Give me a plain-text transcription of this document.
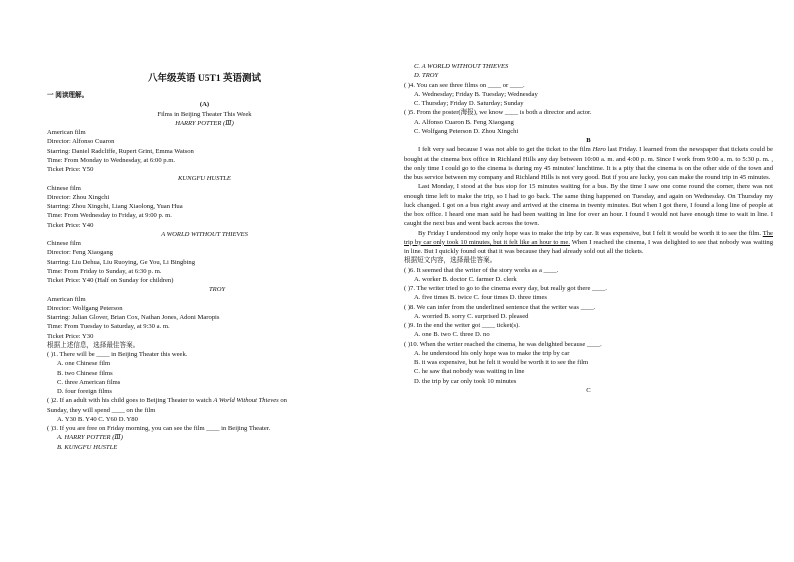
八年级英语 U5T1 英语测试
一 阅读理解。
(A)
Films in Beijing Theater This Week
HARRY POTTER (Ⅲ)
American film
Director: Alfonso Cuaron
Starring: Daniel Radcliffe, Rupert Grint, Emma Watson
Time: From Monday to Wednesday, at 6:00 p.m.
Ticket Price: Y50
KUNGFU HUSTLE
Chinese film
Director: Zhou Xingchi
Starring: Zhou Xingchi, Liang Xiaolong, Yuan Hua
Time: From Wednesday to Friday, at 9:00 p. m.
Ticket Price: Y40
A WORLD WITHOUT THIEVES
Chinese film
Director: Feng Xiaogang
Starring: Liu Dehua, Liu Ruoying, Ge You, Li Bingbing
Time: From Friday to Sunday, at 6:30 p. m.
Ticket Price: Y40 (Half on Sunday for children)
TROY
American film
Director: Wolfgang Peterson
Starring: Julian Glover, Brian Cox, Nathan Jones, Adoni Maropis
Time: From Tuesday to Saturday, at 9:30 a. m.
Ticket Price: Y30
根据上述信息，选择最佳答案。
( )1. There will be ____ in Beijing Theater this week.
A. one Chinese film
B. two Chinese films
C. three American films
D. four foreign films
( )2. If an adult with his child goes to Beijing Theater to watch A World Without Thieves on
Sunday, they will spend ____ on the film
A. Y30 B. Y40 C. Y60 D. Y80
( )3. If you are free on Friday morning, you can see the film ____ in Beijing Theater.
A. HARRY POTTER (Ⅲ)
B. KUNGFU HUSTLE
C. A WORLD WITHOUT THIEVES
D. TROY
( )4. You can see three films on ____ or ____.
A. Wednesday; Friday B. Tuesday; Wednesday
C. Thursday; Friday D. Saturday; Sunday
( )5. From the poster(海报), we know ____ is both a director and actor.
A. Alfonso Cuaron B. Feng Xiaogang
C. Wolfgang Peterson D. Zhou Xingchi
B
I felt very sad because I was not able to get the ticket to the film Hero last Friday. I learned from the newspaper that tickets could be bought at the cinema box office in Richland Hills any day between 10:00 a. m. and 4:00 p. m. Since I work from 9:00 a. m. to 5:30 p. m. , the only time I could go to the cinema is during my 45 minutes' lunchtime. It is a pity that the cinema is on the other side of the town and the bus service between my company and Richland Hills is not very good. But if you are lucky, you can make the round trip in 45 minutes.
Last Monday, I stood at the bus stop for 15 minutes waiting for a bus. By the time I saw one come round the corner, there was not enough time left to make the trip, so I had to go back. The same thing happened on Tuesday, and again on Wednesday. On Thursday my luck changed. I got on a bus right away and arrived at the cinema in twenty minutes. But when I got there, I found a long line of people at the box office. I heard one man said he had been waiting in line for over an hour. I found I would not have enough time to wait in line. I caught the next bus and went back across the town.
By Friday I understood my only hope was to make the trip by car. It was expensive, but I felt it would be worth it to see the film. The trip by car only took 10 minutes, but it felt like an hour to me. When I reached the cinema, I was delighted to see that nobody was waiting in line. But I quickly found out that it was because they had already sold out all the tickets.
根据短文内容，选择最佳答案。
( )6. It seemed that the writer of the story works as a ____.
A. worker B. doctor C. farmer D. clerk
( )7. The writer tried to go to the cinema every day, but really got there ____.
A. five times B. twice C. four times D. three times
( )8. We can infer from the underlined sentence that the writer was ____.
A. worried B. sorry C. surprised D. pleased
( )9. In the end the writer got ____ ticket(s).
A. one B. two C. three D. no
( )10. When the writer reached the cinema, he was delighted because ____.
A. he understood his only hope was to make the trip by car
B. it was expensive, but he felt it would be worth it to see the film
C. he saw that nobody was waiting in line
D. the trip by car only took 10 minutes
C
